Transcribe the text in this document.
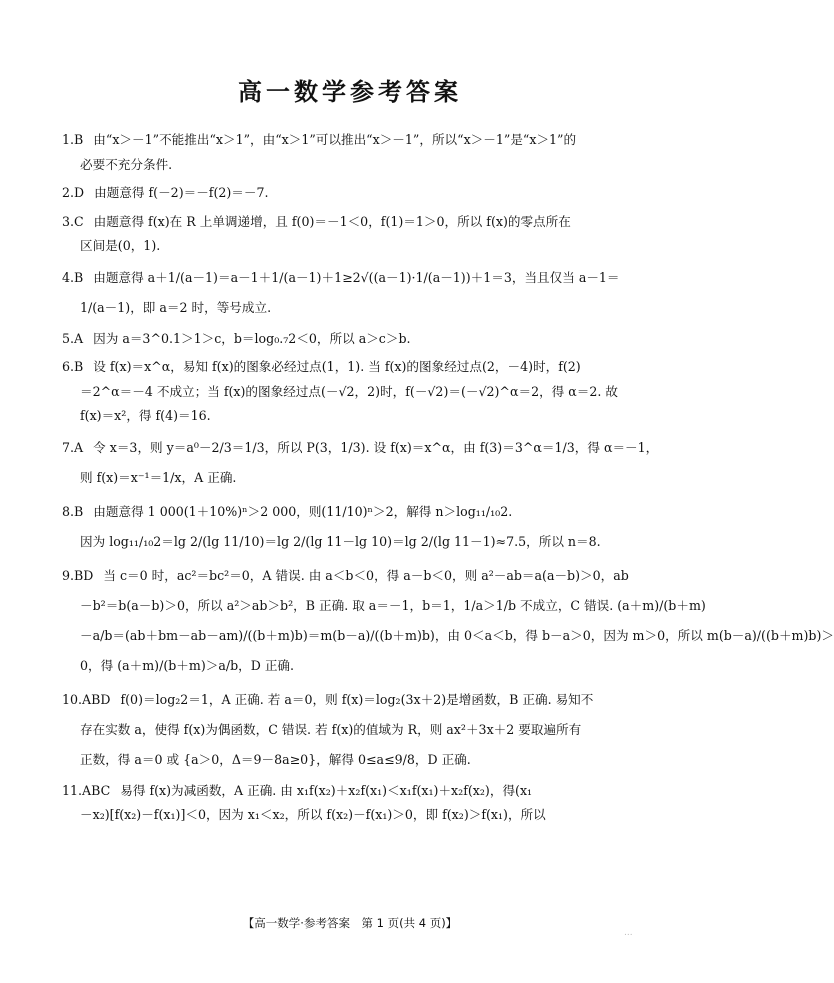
高一数学参考答案
1.B 由“x＞－1”不能推出“x＞1”，由“x＞1”可以推出“x＞－1”，所以“x＞－1”是“x＞1”的
必要不充分条件.
2.D 由题意得 f(－2)＝－f(2)＝－7.
3.C 由题意得 f(x)在 R 上单调递增，且 f(0)＝－1＜0，f(1)＝1＞0，所以 f(x)的零点所在
区间是(0，1).
4.B 由题意得 a＋1/(a－1)＝a－1＋1/(a－1)＋1≥2√((a－1)·1/(a－1))＋1＝3，当且仅当 a－1＝
1/(a－1)，即 a＝2 时，等号成立.
5.A 因为 a＝3^0.1＞1＞c，b＝log₀.₇2＜0，所以 a＞c＞b.
6.B 设 f(x)＝x^α，易知 f(x)的图象必经过点(1，1). 当 f(x)的图象经过点(2，－4)时，f(2)
＝2^α＝－4 不成立；当 f(x)的图象经过点(－√2，2)时，f(－√2)＝(－√2)^α＝2，得 α＝2. 故
f(x)＝x²，得 f(4)＝16.
7.A 令 x＝3，则 y＝a⁰－2/3＝1/3，所以 P(3，1/3). 设 f(x)＝x^α，由 f(3)＝3^α＝1/3，得 α＝－1，
则 f(x)＝x⁻¹＝1/x，A 正确.
8.B 由题意得 1 000(1＋10%)ⁿ＞2 000，则(11/10)ⁿ＞2，解得 n＞log₁₁/₁₀2.
因为 log₁₁/₁₀2＝lg 2/(lg 11/10)＝lg 2/(lg 11－lg 10)＝lg 2/(lg 11－1)≈7.5，所以 n＝8.
9.BD 当 c＝0 时，ac²＝bc²＝0，A 错误. 由 a＜b＜0，得 a－b＜0，则 a²－ab＝a(a－b)＞0，ab
－b²＝b(a－b)＞0，所以 a²＞ab＞b²，B 正确. 取 a＝－1，b＝1，1/a＞1/b 不成立，C 错误. (a＋m)/(b＋m)
－a/b＝(ab＋bm－ab－am)/((b＋m)b)＝m(b－a)/((b＋m)b)，由 0＜a＜b，得 b－a＞0，因为 m＞0，所以 m(b－a)/((b＋m)b)＞
0，得 (a＋m)/(b＋m)＞a/b，D 正确.
10.ABD f(0)＝log₂2＝1，A 正确. 若 a＝0，则 f(x)＝log₂(3x＋2)是增函数，B 正确. 易知不
存在实数 a，使得 f(x)为偶函数，C 错误. 若 f(x)的值域为 R，则 ax²＋3x＋2 要取遍所有
正数，得 a＝0 或 {a＞0，Δ＝9－8a≥0}，解得 0≤a≤9/8，D 正确.
11.ABC 易得 f(x)为减函数，A 正确. 由 x₁f(x₂)＋x₂f(x₁)＜x₁f(x₁)＋x₂f(x₂)，得(x₁
－x₂)[f(x₂)－f(x₁)]＜0，因为 x₁＜x₂，所以 f(x₂)－f(x₁)＞0，即 f(x₂)＞f(x₁)，所以
【高一数学·参考答案　第 1 页(共 4 页)】
...
